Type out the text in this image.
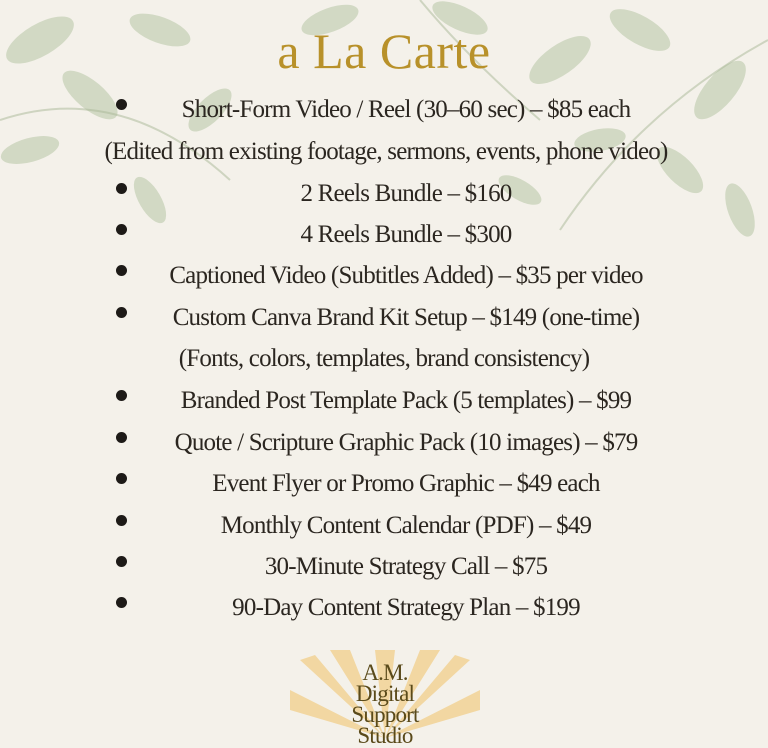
a La Carte
Short-Form Video / Reel (30–60 sec) – $85 each
(Edited from existing footage, sermons, events, phone video)
2 Reels Bundle – $160
4 Reels Bundle – $300
Captioned Video (Subtitles Added) – $35 per video
Custom Canva Brand Kit Setup – $149 (one-time)
(Fonts, colors, templates, brand consistency)
Branded Post Template Pack (5 templates) – $99
Quote / Scripture Graphic Pack (10 images) – $79
Event Flyer or Promo Graphic – $49 each
Monthly Content Calendar (PDF) – $49
30-Minute Strategy Call – $75
90-Day Content Strategy Plan – $199
A.M.
Digital
Support
Studio
